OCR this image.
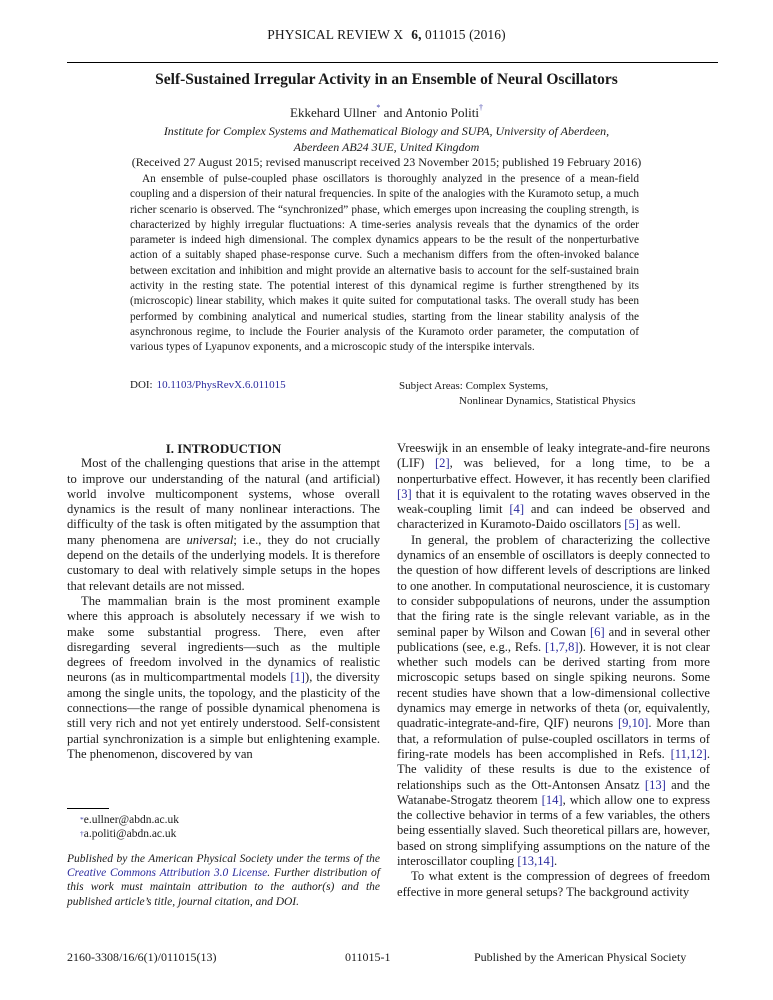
PHYSICAL REVIEW X 6, 011015 (2016)
Self-Sustained Irregular Activity in an Ensemble of Neural Oscillators
Ekkehard Ullner* and Antonio Politi†
Institute for Complex Systems and Mathematical Biology and SUPA, University of Aberdeen,
Aberdeen AB24 3UE, United Kingdom
(Received 27 August 2015; revised manuscript received 23 November 2015; published 19 February 2016)

An ensemble of pulse-coupled phase oscillators is thoroughly analyzed in the presence of a mean-field coupling and a dispersion of their natural frequencies. In spite of the analogies with the Kuramoto setup, a much richer scenario is observed. The “synchronized” phase, which emerges upon increasing the coupling strength, is characterized by highly irregular fluctuations: A time-series analysis reveals that the dynamics of the order parameter is indeed high dimensional. The complex dynamics appears to be the result of the nonperturbative action of a suitably shaped phase-response curve. Such a mechanism differs from the often-invoked balance between excitation and inhibition and might provide an alternative basis to account for the self-sustained brain activity in the resting state. The potential interest of this dynamical regime is further strengthened by its (microscopic) linear stability, which makes it quite suited for computational tasks. The overall study has been performed by combining analytical and numerical studies, starting from the linear stability analysis of the asynchronous regime, to include the Fourier analysis of the Kuramoto order parameter, the computation of various types of Lyapunov exponents, and a microscopic study of the interspike intervals.

DOI: 10.1103/PhysRevX.6.011015	Subject Areas: Complex Systems,
Nonlinear Dynamics, Statistical Physics

I. INTRODUCTION

Most of the challenging questions that arise in the attempt to improve our understanding of the natural (and artificial) world involve multicomponent systems, whose overall dynamics is the result of many nonlinear interactions. The difficulty of the task is often mitigated by the assumption that many phenomena are universal; i.e., they do not crucially depend on the details of the underlying models. It is therefore customary to deal with relatively simple setups in the hopes that relevant details are not missed.

The mammalian brain is the most prominent example where this approach is absolutely necessary if we wish to make some substantial progress. There, even after disregarding several ingredients—such as the multiple degrees of freedom involved in the dynamics of realistic neurons (as in multicompartmental models [1]), the diversity among the single units, the topology, and the plasticity of the connections—the range of possible dynamical phenomena is still very rich and not yet entirely understood. Self-consistent partial synchronization is a simple but enlightening example. The phenomenon, discovered by van

*e.ullner@abdn.ac.uk
†a.politi@abdn.ac.uk
Published by the American Physical Society under the terms of the Creative Commons Attribution 3.0 License. Further distribution of this work must maintain attribution to the author(s) and the published article’s title, journal citation, and DOI.

Vreeswijk in an ensemble of leaky integrate-and-fire neurons (LIF) [2], was believed, for a long time, to be a nonperturbative effect. However, it has recently been clarified [3] that it is equivalent to the rotating waves observed in the weak-coupling limit [4] and can indeed be observed and characterized in Kuramoto-Daido oscillators [5] as well.

In general, the problem of characterizing the collective dynamics of an ensemble of oscillators is deeply connected to the question of how different levels of descriptions are linked to one another. In computational neuroscience, it is customary to consider subpopulations of neurons, under the assumption that the firing rate is the single relevant variable, as in the seminal paper by Wilson and Cowan [6] and in several other publications (see, e.g., Refs. [1,7,8]). However, it is not clear whether such models can be derived starting from more microscopic setups based on single spiking neurons. Some recent studies have shown that a low-dimensional collective dynamics may emerge in networks of theta (or, equivalently, quadratic-integrate-and-fire, QIF) neurons [9,10]. More than that, a reformulation of pulse-coupled oscillators in terms of firing-rate models has been accomplished in Refs. [11,12]. The validity of these results is due to the existence of relationships such as the Ott-Antonsen Ansatz [13] and the Watanabe-Strogatz theorem [14], which allow one to express the collective behavior in terms of a few variables, the others being essentially slaved. Such theoretical pillars are, however, based on strong simplifying assumptions on the nature of the interoscillator coupling [13,14].

To what extent is the compression of degrees of freedom effective in more general setups? The background activity

2160-3308/16/6(1)/011015(13)	011015-1	Published by the American Physical Society
